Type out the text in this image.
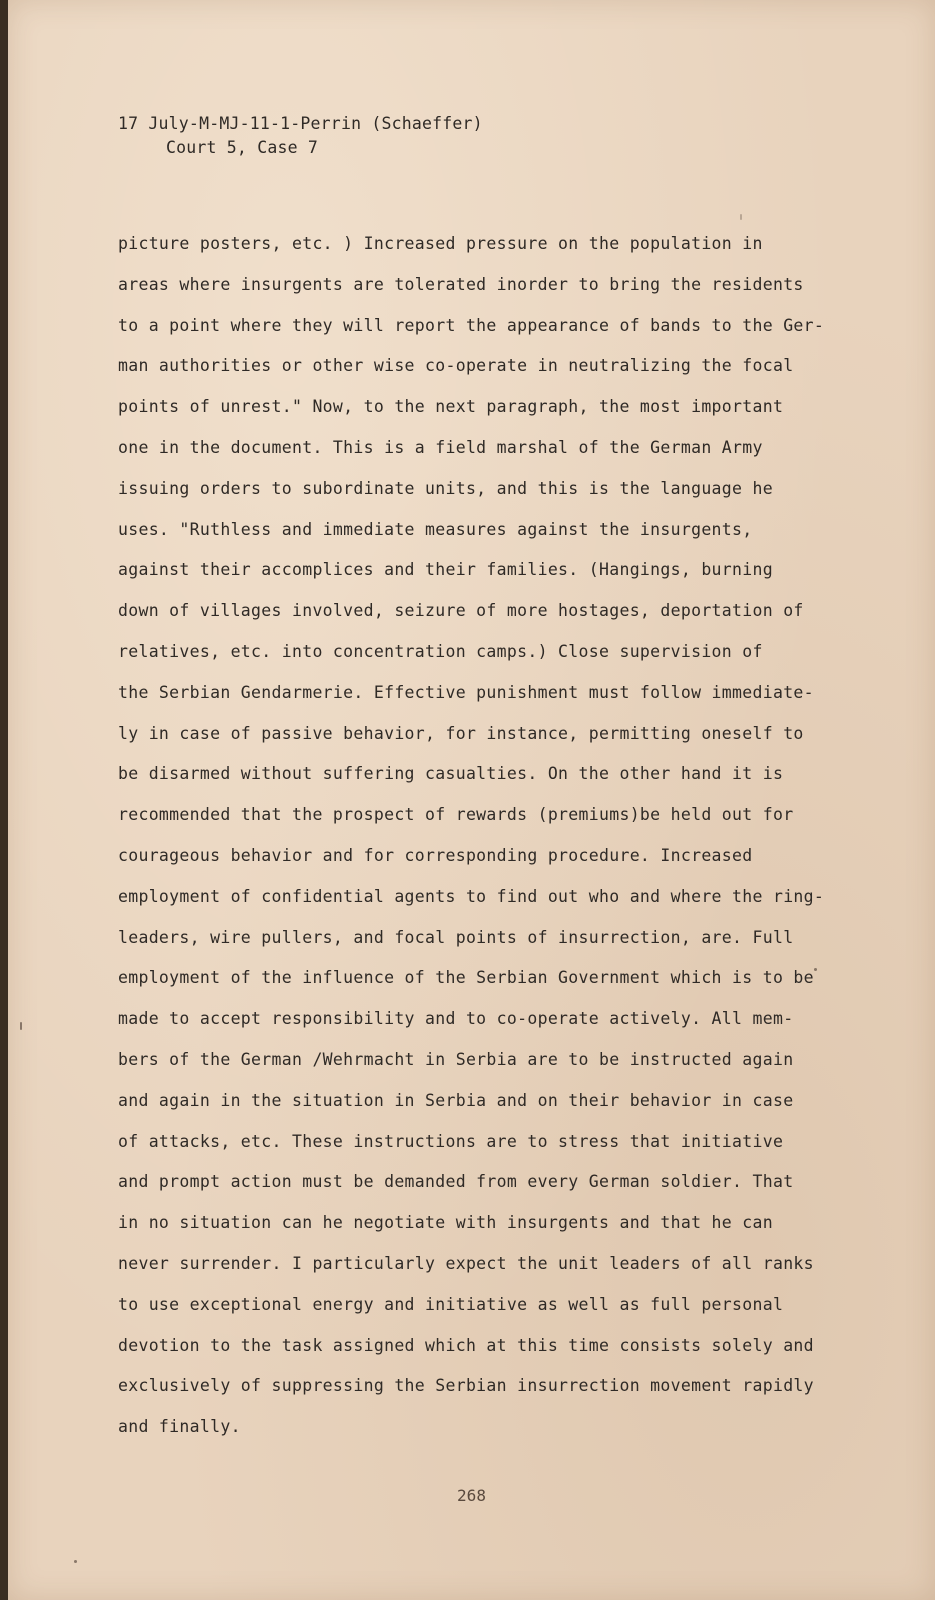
17 July-M-MJ-11-1-Perrin (Schaeffer)
Court 5, Case 7
picture posters, etc. ) Increased pressure on the population in
areas where insurgents are tolerated inorder to bring the residents
to a point where they will report the appearance of bands to the Ger-
man authorities or other wise co-operate in neutralizing the focal
points of unrest." Now, to the next paragraph, the most important
one in the document. This is a field marshal of the German Army
issuing orders to subordinate units, and this is the language he
uses. "Ruthless and immediate measures against the insurgents,
against their accomplices and their families. (Hangings, burning
down of villages involved, seizure of more hostages, deportation of
relatives, etc. into concentration camps.) Close supervision of
the Serbian Gendarmerie. Effective punishment must follow immediate-
ly in case of passive behavior, for instance, permitting oneself to
be disarmed without suffering casualties. On the other hand it is
recommended that the prospect of rewards (premiums)be held out for
courageous behavior and for corresponding procedure. Increased
employment of confidential agents to find out who and where the ring-
leaders, wire pullers, and focal points of insurrection, are. Full
employment of the influence of the Serbian Government which is to be
made to accept responsibility and to co-operate actively. All mem-
bers of the German /Wehrmacht in Serbia are to be instructed again
and again in the situation in Serbia and on their behavior in case
of attacks, etc. These instructions are to stress that initiative
and prompt action must be demanded from every German soldier. That
in no situation can he negotiate with insurgents and that he can
never surrender. I particularly expect the unit leaders of all ranks
to use exceptional energy and initiative as well as full personal
devotion to the task assigned which at this time consists solely and
exclusively of suppressing the Serbian insurrection movement rapidly
and finally.
268
